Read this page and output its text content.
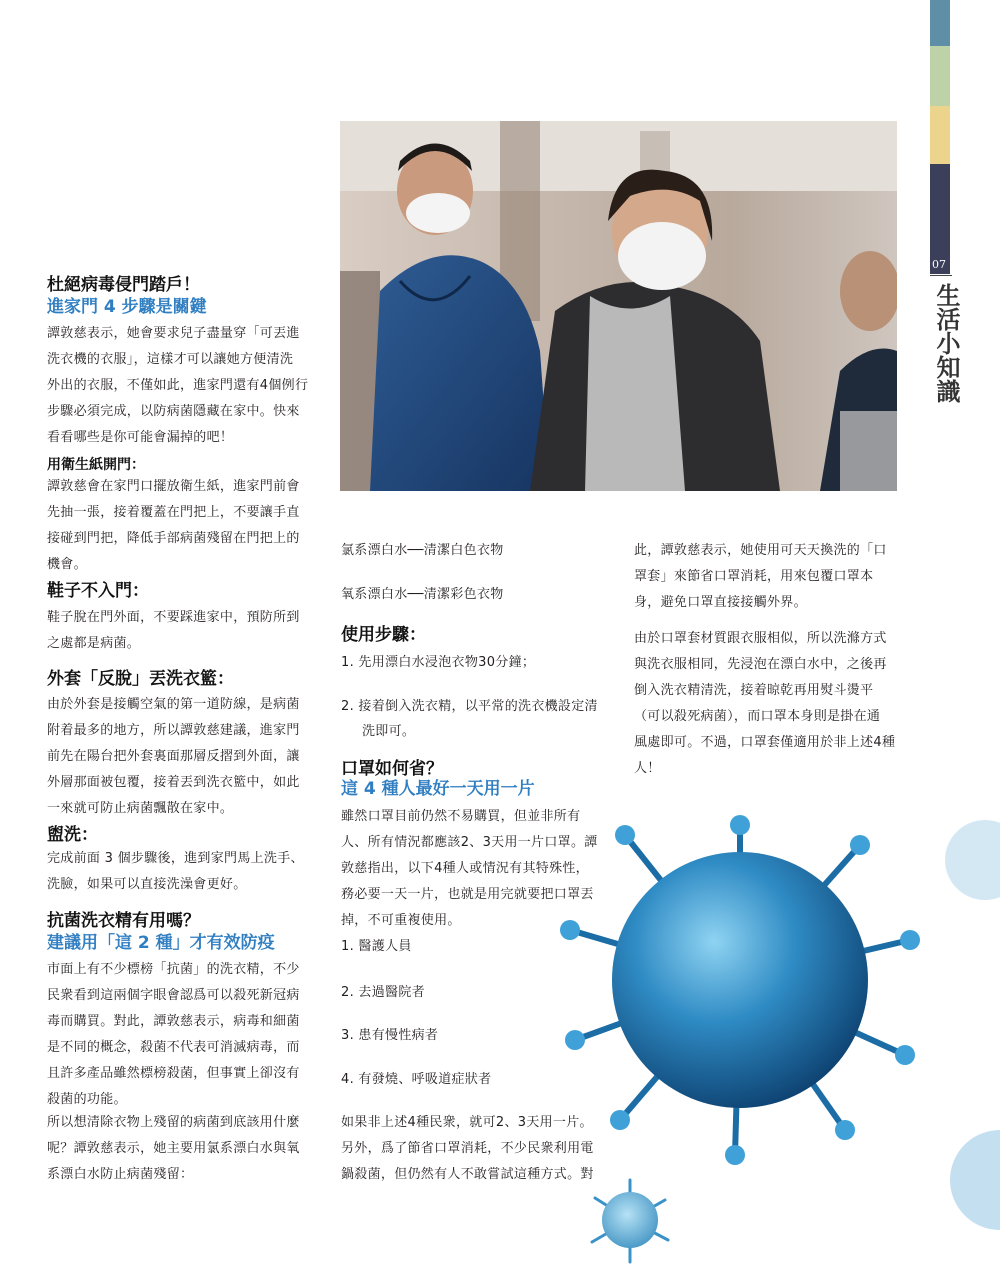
07
生活小知識
杜絕病毒侵門踏戶！
進家門 4 步驟是關鍵

譚敦慈表示，她會要求兒子盡量穿「可丟進

洗衣機的衣服」，這樣才可以讓她方便清洗

外出的衣服，不僅如此，進家門還有4個例行

步驟必須完成，以防病菌隱藏在家中。快來

看看哪些是你可能會漏掉的吧！

用衛生紙開門：

譚敦慈會在家門口擺放衛生紙，進家門前會

先抽一張，接着覆蓋在門把上，不要讓手直

接碰到門把，降低手部病菌殘留在門把上的

機會。

鞋子不入門：

鞋子脫在門外面，不要踩進家中，預防所到

之處都是病菌。

外套「反脫」丟洗衣籃：

由於外套是接觸空氣的第一道防線，是病菌

附着最多的地方，所以譚敦慈建議，進家門

前先在陽台把外套裏面那層反摺到外面，讓

外層那面被包覆，接着丟到洗衣籃中，如此

一來就可防止病菌飄散在家中。

盥洗：

完成前面 3 個步驟後，進到家門馬上洗手、

洗臉，如果可以直接洗澡會更好。

抗菌洗衣精有用嗎？
建議用「這 2 種」才有效防疫

市面上有不少標榜「抗菌」的洗衣精，不少

民衆看到這兩個字眼會認爲可以殺死新冠病

毒而購買。對此，譚敦慈表示，病毒和細菌

是不同的概念，殺菌不代表可消滅病毒，而

且許多產品雖然標榜殺菌，但事實上卻沒有

殺菌的功能。

所以想清除衣物上殘留的病菌到底該用什麼

呢？譚敦慈表示，她主要用氯系漂白水與氧

系漂白水防止病菌殘留：

氯系漂白水──清潔白色衣物

氧系漂白水──清潔彩色衣物

使用步驟：

1. 先用漂白水浸泡衣物30分鐘；

2. 接着倒入洗衣精，以平常的洗衣機設定清

洗即可。

口罩如何省？
這 4 種人最好一天用一片

雖然口罩目前仍然不易購買，但並非所有

人、所有情況都應該2、3天用一片口罩。譚

敦慈指出，以下4種人或情況有其特殊性，

務必要一天一片，也就是用完就要把口罩丟

掉，不可重複使用。

1. 醫護人員

2. 去過醫院者

3. 患有慢性病者

4. 有發燒、呼吸道症狀者

如果非上述4種民衆，就可2、3天用一片。

另外，爲了節省口罩消耗，不少民衆利用電

鍋殺菌，但仍然有人不敢嘗試這種方式。對

此，譚敦慈表示，她使用可天天換洗的「口

罩套」來節省口罩消耗，用來包覆口罩本

身，避免口罩直接接觸外界。

由於口罩套材質跟衣服相似，所以洗滌方式

與洗衣服相同，先浸泡在漂白水中，之後再

倒入洗衣精清洗，接着晾乾再用熨斗燙平

（可以殺死病菌），而口罩本身則是掛在通

風處即可。不過，口罩套僅適用於非上述4種

人！
